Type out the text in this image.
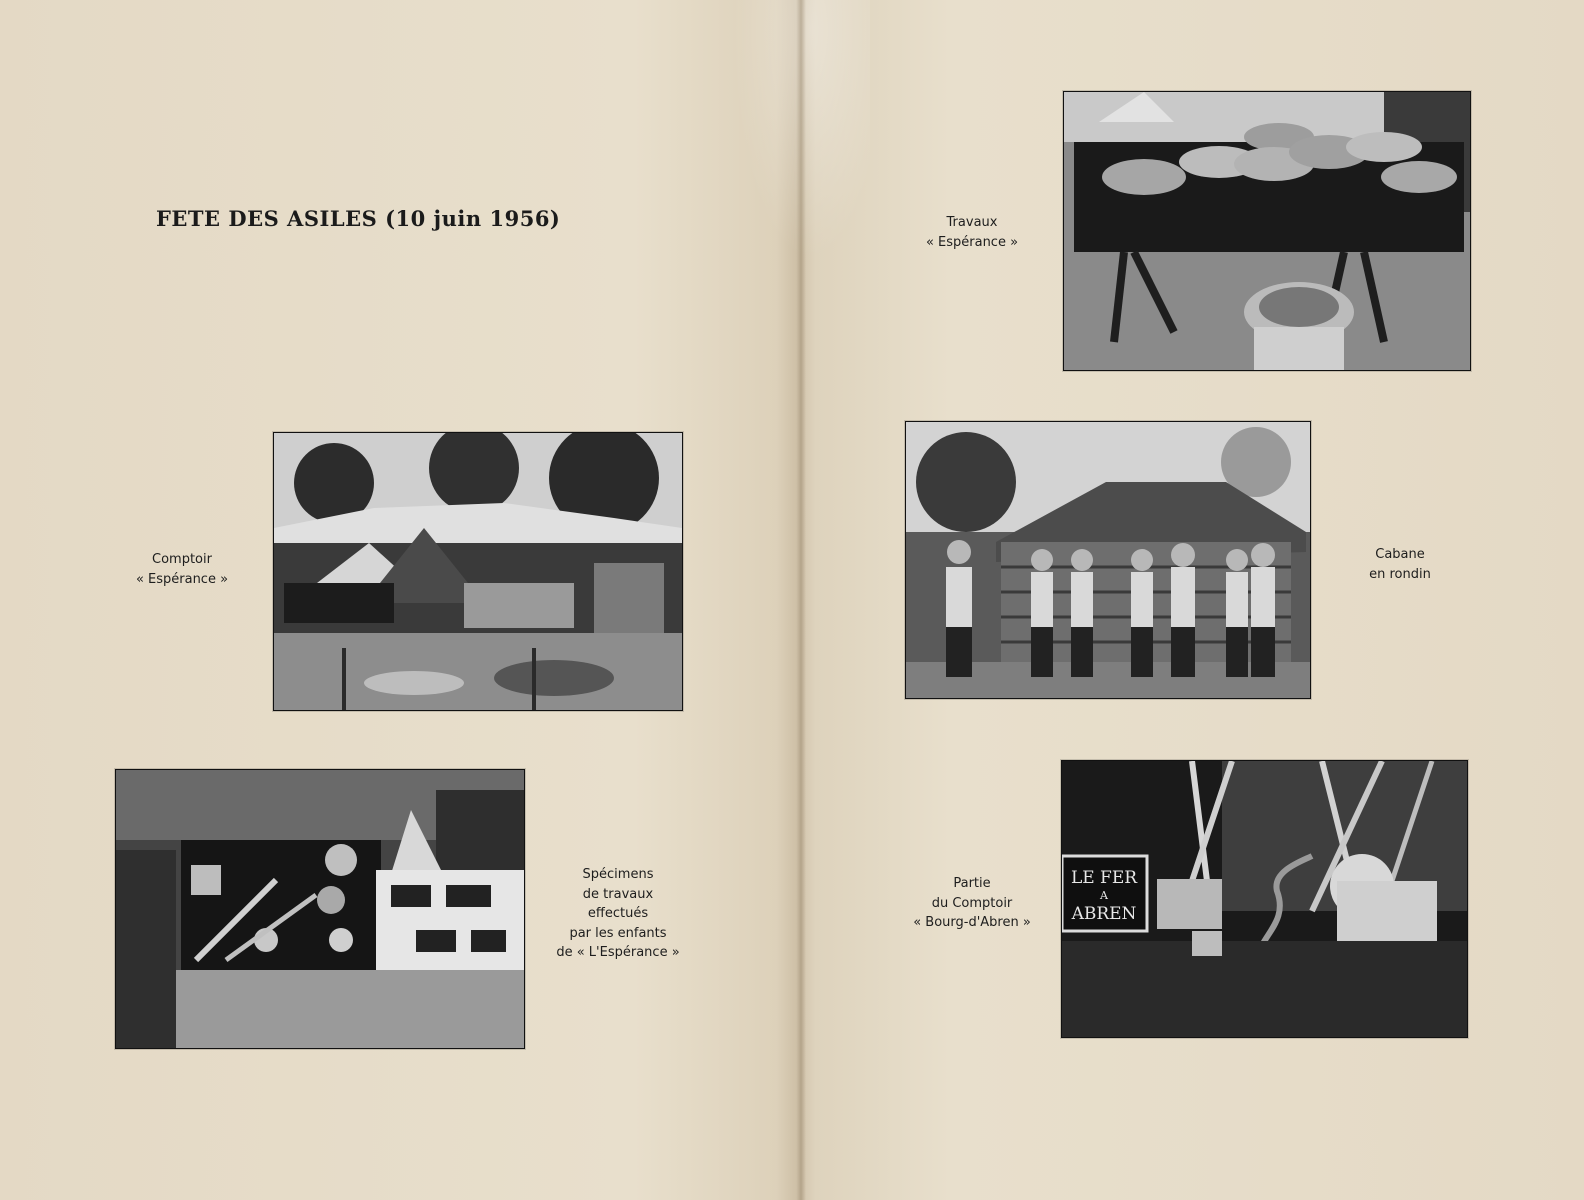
FETE DES ASILES (10 juin 1956)
Comptoir
« Espérance »
Spécimens
de travaux
effectués
par les enfants
de « L'Espérance »
Travaux
« Espérance »
Cabane
en rondin
LE FER
A
ABREN
Partie
du Comptoir
« Bourg-d'Abren »
